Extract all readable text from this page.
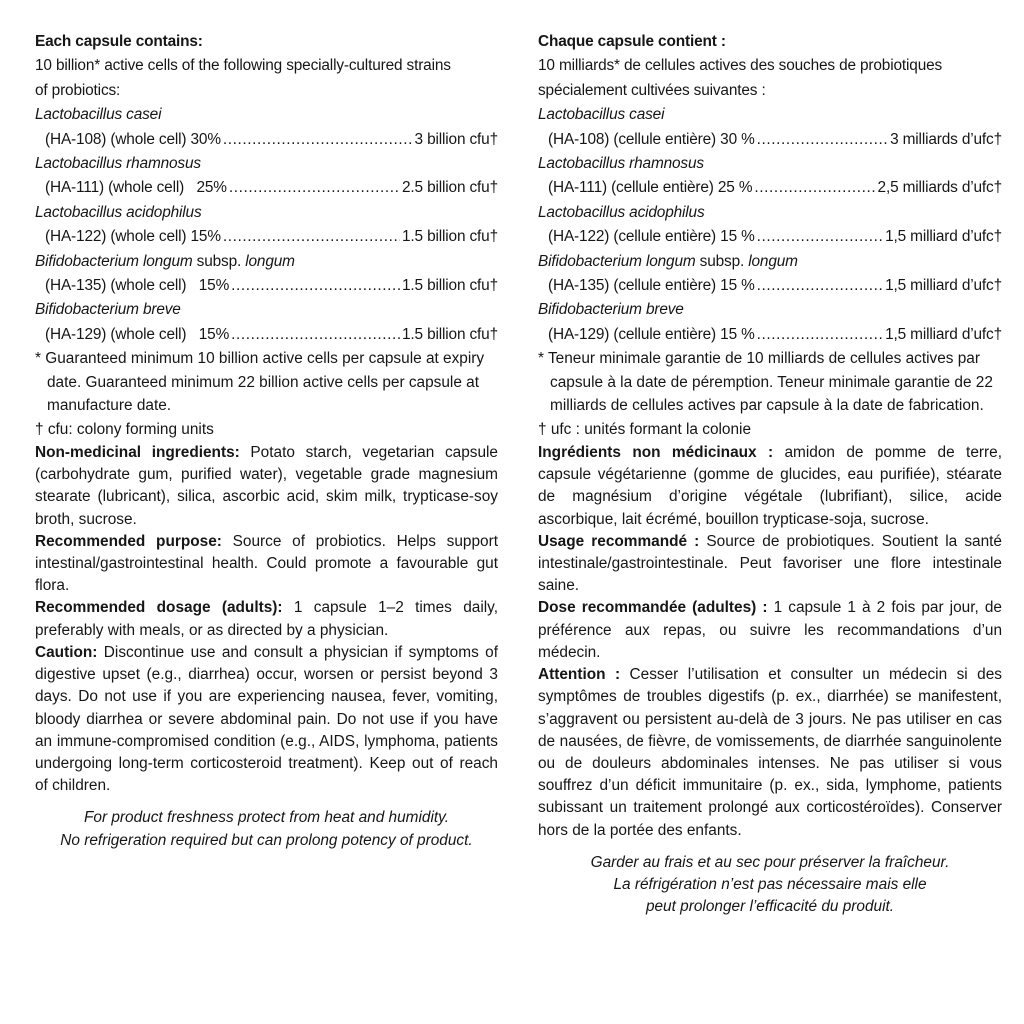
Each capsule contains:

10 billion* active cells of the following specially-cultured strains

of probiotics:

Lactobacillus casei

(HA-108) (whole cell) 30% .....	3 billion cfu†

Lactobacillus rhamnosus

(HA-111) (whole cell)   25% .....	2.5 billion cfu†

Lactobacillus acidophilus

(HA-122) (whole cell) 15% .....	1.5 billion cfu†

Bifidobacterium longum subsp. longum

(HA-135) (whole cell)   15% .....	1.5 billion cfu†

Bifidobacterium breve

(HA-129) (whole cell)   15% .....	1.5 billion cfu†

* Guaranteed minimum 10 billion active cells per capsule at expiry date. Guaranteed minimum 22 billion active cells per capsule at manufacture date.

† cfu: colony forming units

Non-medicinal ingredients: Potato starch, vegetarian capsule (carbohydrate gum, purified water), vegetable grade magnesium stearate (lubricant), silica, ascorbic acid, skim milk, trypticase-soy broth, sucrose.

Recommended purpose: Source of probiotics. Helps support intestinal/gastrointestinal health. Could promote a favourable gut flora.

Recommended dosage (adults): 1 capsule 1–2 times daily, preferably with meals, or as directed by a physician.

Caution: Discontinue use and consult a physician if symptoms of digestive upset (e.g., diarrhea) occur, worsen or persist beyond 3 days. Do not use if you are experiencing nausea, fever, vomiting, bloody diarrhea or severe abdominal pain. Do not use if you have an immune-compromised condition (e.g., AIDS, lymphoma, patients undergoing long-term corticosteroid treatment). Keep out of reach of children.

For product freshness protect from heat and humidity.

No refrigeration required but can prolong potency of product.

Chaque capsule contient :

10 milliards* de cellules actives des souches de probiotiques

spécialement cultivées suivantes :

Lactobacillus casei

(HA-108) (cellule entière) 30 % .....	3 milliards d’ufc†

Lactobacillus rhamnosus

(HA-111) (cellule entière) 25 % .....	2,5 milliards d’ufc†

Lactobacillus acidophilus

(HA-122) (cellule entière) 15 % .....	1,5 milliard d’ufc†

Bifidobacterium longum subsp. longum

(HA-135) (cellule entière) 15 % .....	1,5 milliard d’ufc†

Bifidobacterium breve

(HA-129) (cellule entière) 15 % .....	1,5 milliard d’ufc†

* Teneur minimale garantie de 10 milliards de cellules actives par capsule à la date de péremption. Teneur minimale garantie de 22 milliards de cellules actives par capsule à la date de fabrication.

† ufc : unités formant la colonie

Ingrédients non médicinaux : amidon de pomme de terre, capsule végétarienne (gomme de glucides, eau purifiée), stéarate de magnésium d’origine végétale (lubrifiant), silice, acide ascorbique, lait écrémé, bouillon trypticase-soja, sucrose.

Usage recommandé : Source de probiotiques. Soutient la santé intestinale/gastrointestinale. Peut favoriser une flore intestinale saine.

Dose recommandée (adultes) : 1 capsule 1 à 2 fois par jour, de préférence aux repas, ou suivre les recommandations d’un médecin.

Attention : Cesser l’utilisation et consulter un médecin si des symptômes de troubles digestifs (p. ex., diarrhée) se manifestent, s’aggravent ou persistent au-delà de 3 jours. Ne pas utiliser en cas de nausées, de fièvre, de vomissements, de diarrhée sanguinolente ou de douleurs abdominales intenses. Ne pas utiliser si vous souffrez d’un déficit immunitaire (p. ex., sida, lymphome, patients subissant un traitement prolongé aux corticostéroïdes). Conserver hors de la portée des enfants.

Garder au frais et au sec pour préserver la fraîcheur.

La réfrigération n’est pas nécessaire mais elle

peut prolonger l’efficacité du produit.
